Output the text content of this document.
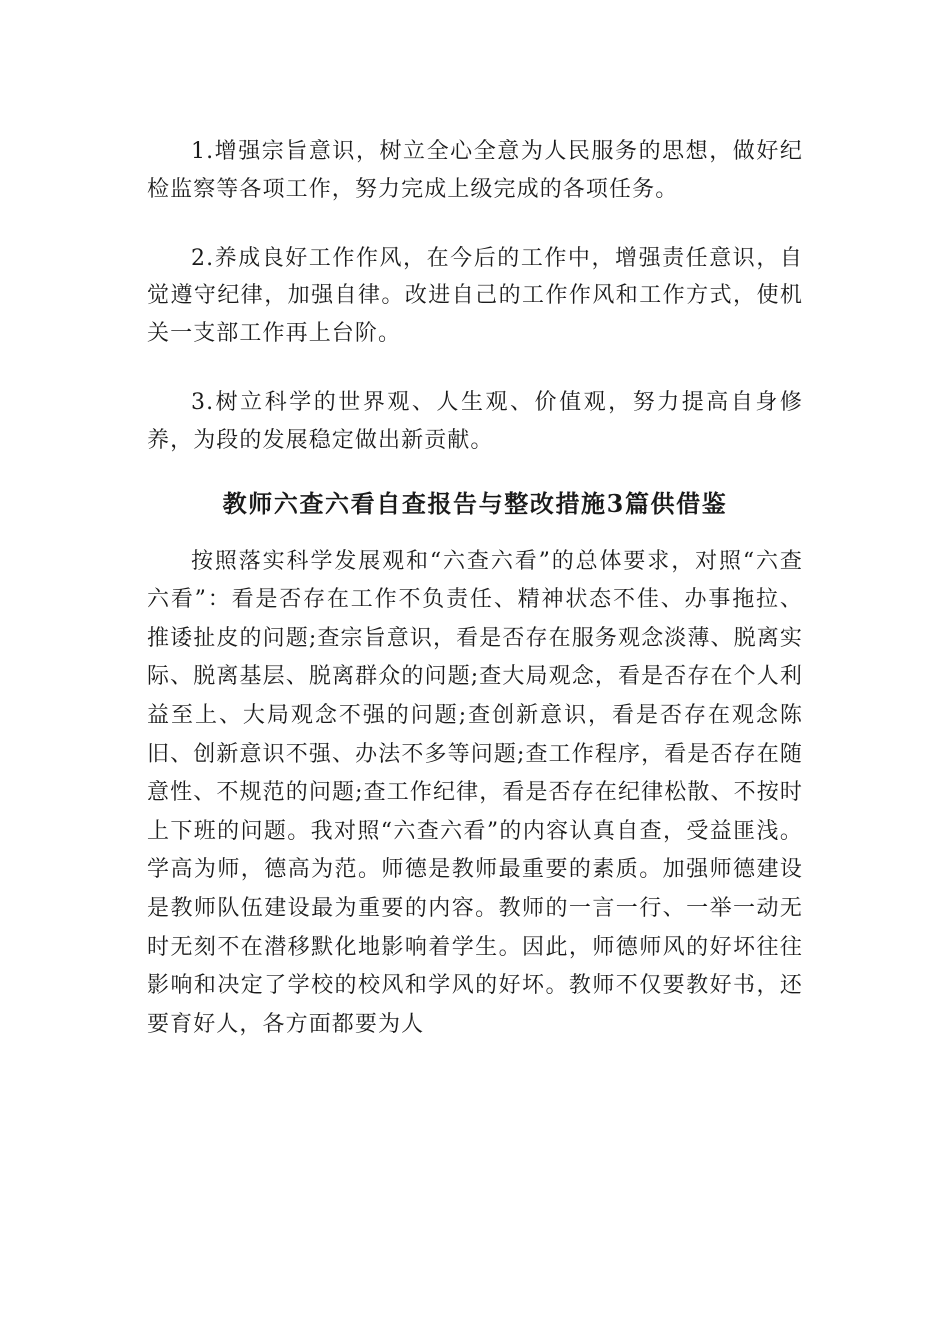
1.增强宗旨意识，树立全心全意为人民服务的思想，做好纪检监察等各项工作，努力完成上级完成的各项任务。

2.养成良好工作作风，在今后的工作中，增强责任意识，自觉遵守纪律，加强自律。改进自己的工作作风和工作方式，使机关一支部工作再上台阶。

3.树立科学的世界观、人生观、价值观，努力提高自身修养，为段的发展稳定做出新贡献。

教师六查六看自查报告与整改措施3篇供借鉴

按照落实科学发展观和“六查六看”的总体要求，对照“六查六看”：看是否存在工作不负责任、精神状态不佳、办事拖拉、推诿扯皮的问题;查宗旨意识，看是否存在服务观念淡薄、脱离实际、脱离基层、脱离群众的问题;查大局观念，看是否存在个人利益至上、大局观念不强的问题;查创新意识，看是否存在观念陈旧、创新意识不强、办法不多等问题;查工作程序，看是否存在随意性、不规范的问题;查工作纪律，看是否存在纪律松散、不按时上下班的问题。我对照“六查六看”的内容认真自查，受益匪浅。学高为师，德高为范。师德是教师最重要的素质。加强师德建设是教师队伍建设最为重要的内容。教师的一言一行、一举一动无时无刻不在潜移默化地影响着学生。因此，师德师风的好坏往往影响和决定了学校的校风和学风的好坏。教师不仅要教好书，还要育好人，各方面都要为人
